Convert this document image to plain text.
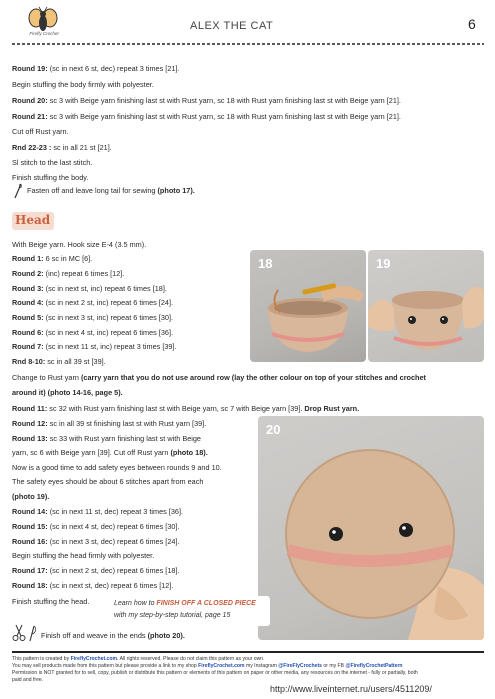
Firefly Crochet
ALEX THE CAT	6
Round 19: (sc in next 6 st, dec) repeat 3 times [21].
Begin stuffing the body firmly with polyester.
Round 20: sc 3 with Beige yarn finishing last st with Rust yarn, sc 18 with Rust yarn finishing last st with Beige yarn [21].
Round 21: sc 3 with Beige yarn finishing last st with Rust yarn, sc 18 with Rust yarn finishing last st with Beige yarn [21].
Cut off Rust yarn.
Rnd 22-23 : sc in all 21 st [21].
Sl stitch to the last stitch.
Finish stuffing the body.
Fasten off and leave long tail for sewing (photo 17).
Head
With Beige yarn. Hook size E-4 (3.5 mm).
Round 1: 6 sc in MC [6].
Round 2: (inc) repeat 6 times [12].
Round 3: (sc in next st, inc) repeat 6 times [18].
Round 4: (sc in next 2 st, inc) repeat 6 times [24].
Round 5: (sc in next 3 st, inc) repeat 6 times [30].
Round 6: (sc in next 4 st, inc) repeat 6 times [36].
Round 7: (sc in next 11 st, inc) repeat 3 times [39].
Rnd 8-10: sc in all 39 st [39].
Change to Rust yarn (carry yarn that you do not use around row (lay the other colour on top of your stitches and crochet
around it) (photo 14-16, page 5).
Round 11: sc 32 with Rust yarn finishing last st with Beige yarn, sc 7 with Beige yarn [39]. Drop Rust yarn.
Round 12: sc in all 39 st finishing last st with Rust yarn [39].
Round 13: sc 33 with Rust yarn finishing last st with Beige
yarn, sc 6 with Beige yarn [39]. Cut off Rust yarn (photo 18).
Now is a good time to add safety eyes between rounds 9 and 10.
The safety eyes should be about 6 stitches apart from each
(photo 19).
Round 14: (sc in next 11 st, dec) repeat 3 times [36].
Round 15: (sc in next 4 st, dec) repeat 6 times [30].
Round 16: (sc in next 3 st, dec) repeat 6 times [24].
Begin stuffing the head firmly with polyester.
Round 17: (sc in next 2 st, dec) repeat 6 times [18].
Round 18: (sc in next st, dec) repeat 6 times [12].
Finish stuffing the head.
Finish off and weave in the ends (photo 20).
18	19
20
Learn how to FINISH OFF A CLOSED PIECE
with my step-by-step tutorial, page 15
This pattern is created by FireflyCrochet.com. All rights reserved. Please do not claim this pattern as your own.
You may sell products made from this pattern but please provide a link to my shop FireflyCrochet.com my Instagram @FireFlyCrochets or my FB @FireflyCrochetPattern
Permission is NOT granted for to sell, copy, publish or distribute this pattern or elements of this pattern on paper or other media, any resources on the internet - fully or partially, both
paid and free.
http://www.liveinternet.ru/users/4511209/
